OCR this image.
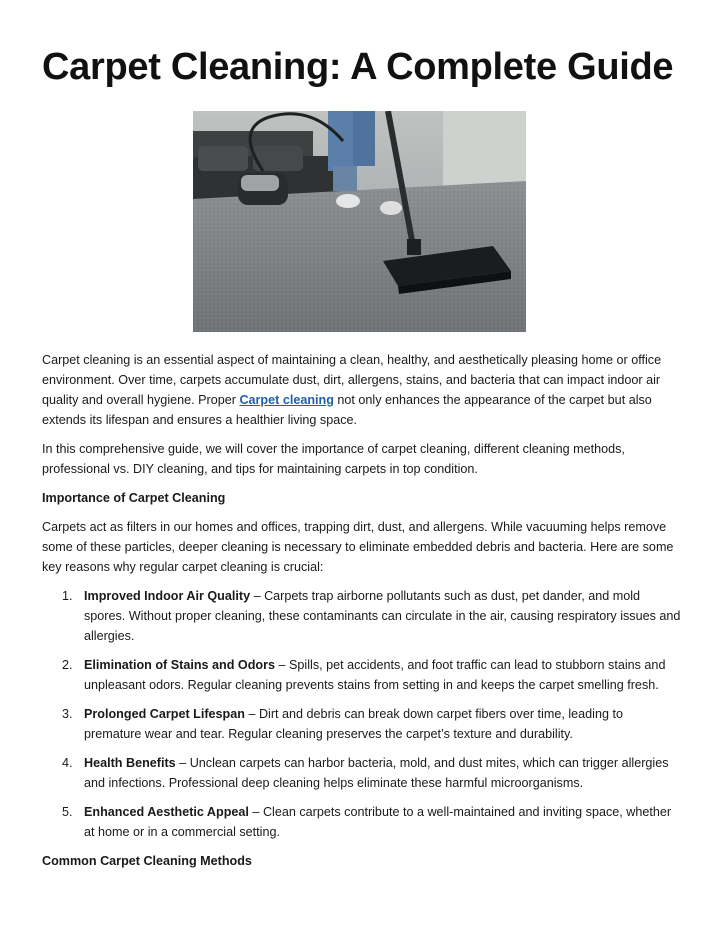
Carpet Cleaning: A Complete Guide

Carpet cleaning is an essential aspect of maintaining a clean, healthy, and aesthetically pleasing home or office environment. Over time, carpets accumulate dust, dirt, allergens, stains, and bacteria that can impact indoor air quality and overall hygiene. Proper Carpet cleaning not only enhances the appearance of the carpet but also extends its lifespan and ensures a healthier living space.

In this comprehensive guide, we will cover the importance of carpet cleaning, different cleaning methods, professional vs. DIY cleaning, and tips for maintaining carpets in top condition.

Importance of Carpet Cleaning

Carpets act as filters in our homes and offices, trapping dirt, dust, and allergens. While vacuuming helps remove some of these particles, deeper cleaning is necessary to eliminate embedded debris and bacteria. Here are some key reasons why regular carpet cleaning is crucial:

1. Improved Indoor Air Quality – Carpets trap airborne pollutants such as dust, pet dander, and mold spores. Without proper cleaning, these contaminants can circulate in the air, causing respiratory issues and allergies.
2. Elimination of Stains and Odors – Spills, pet accidents, and foot traffic can lead to stubborn stains and unpleasant odors. Regular cleaning prevents stains from setting in and keeps the carpet smelling fresh.
3. Prolonged Carpet Lifespan – Dirt and debris can break down carpet fibers over time, leading to premature wear and tear. Regular cleaning preserves the carpet’s texture and durability.
4. Health Benefits – Unclean carpets can harbor bacteria, mold, and dust mites, which can trigger allergies and infections. Professional deep cleaning helps eliminate these harmful microorganisms.
5. Enhanced Aesthetic Appeal – Clean carpets contribute to a well-maintained and inviting space, whether at home or in a commercial setting.

Common Carpet Cleaning Methods
